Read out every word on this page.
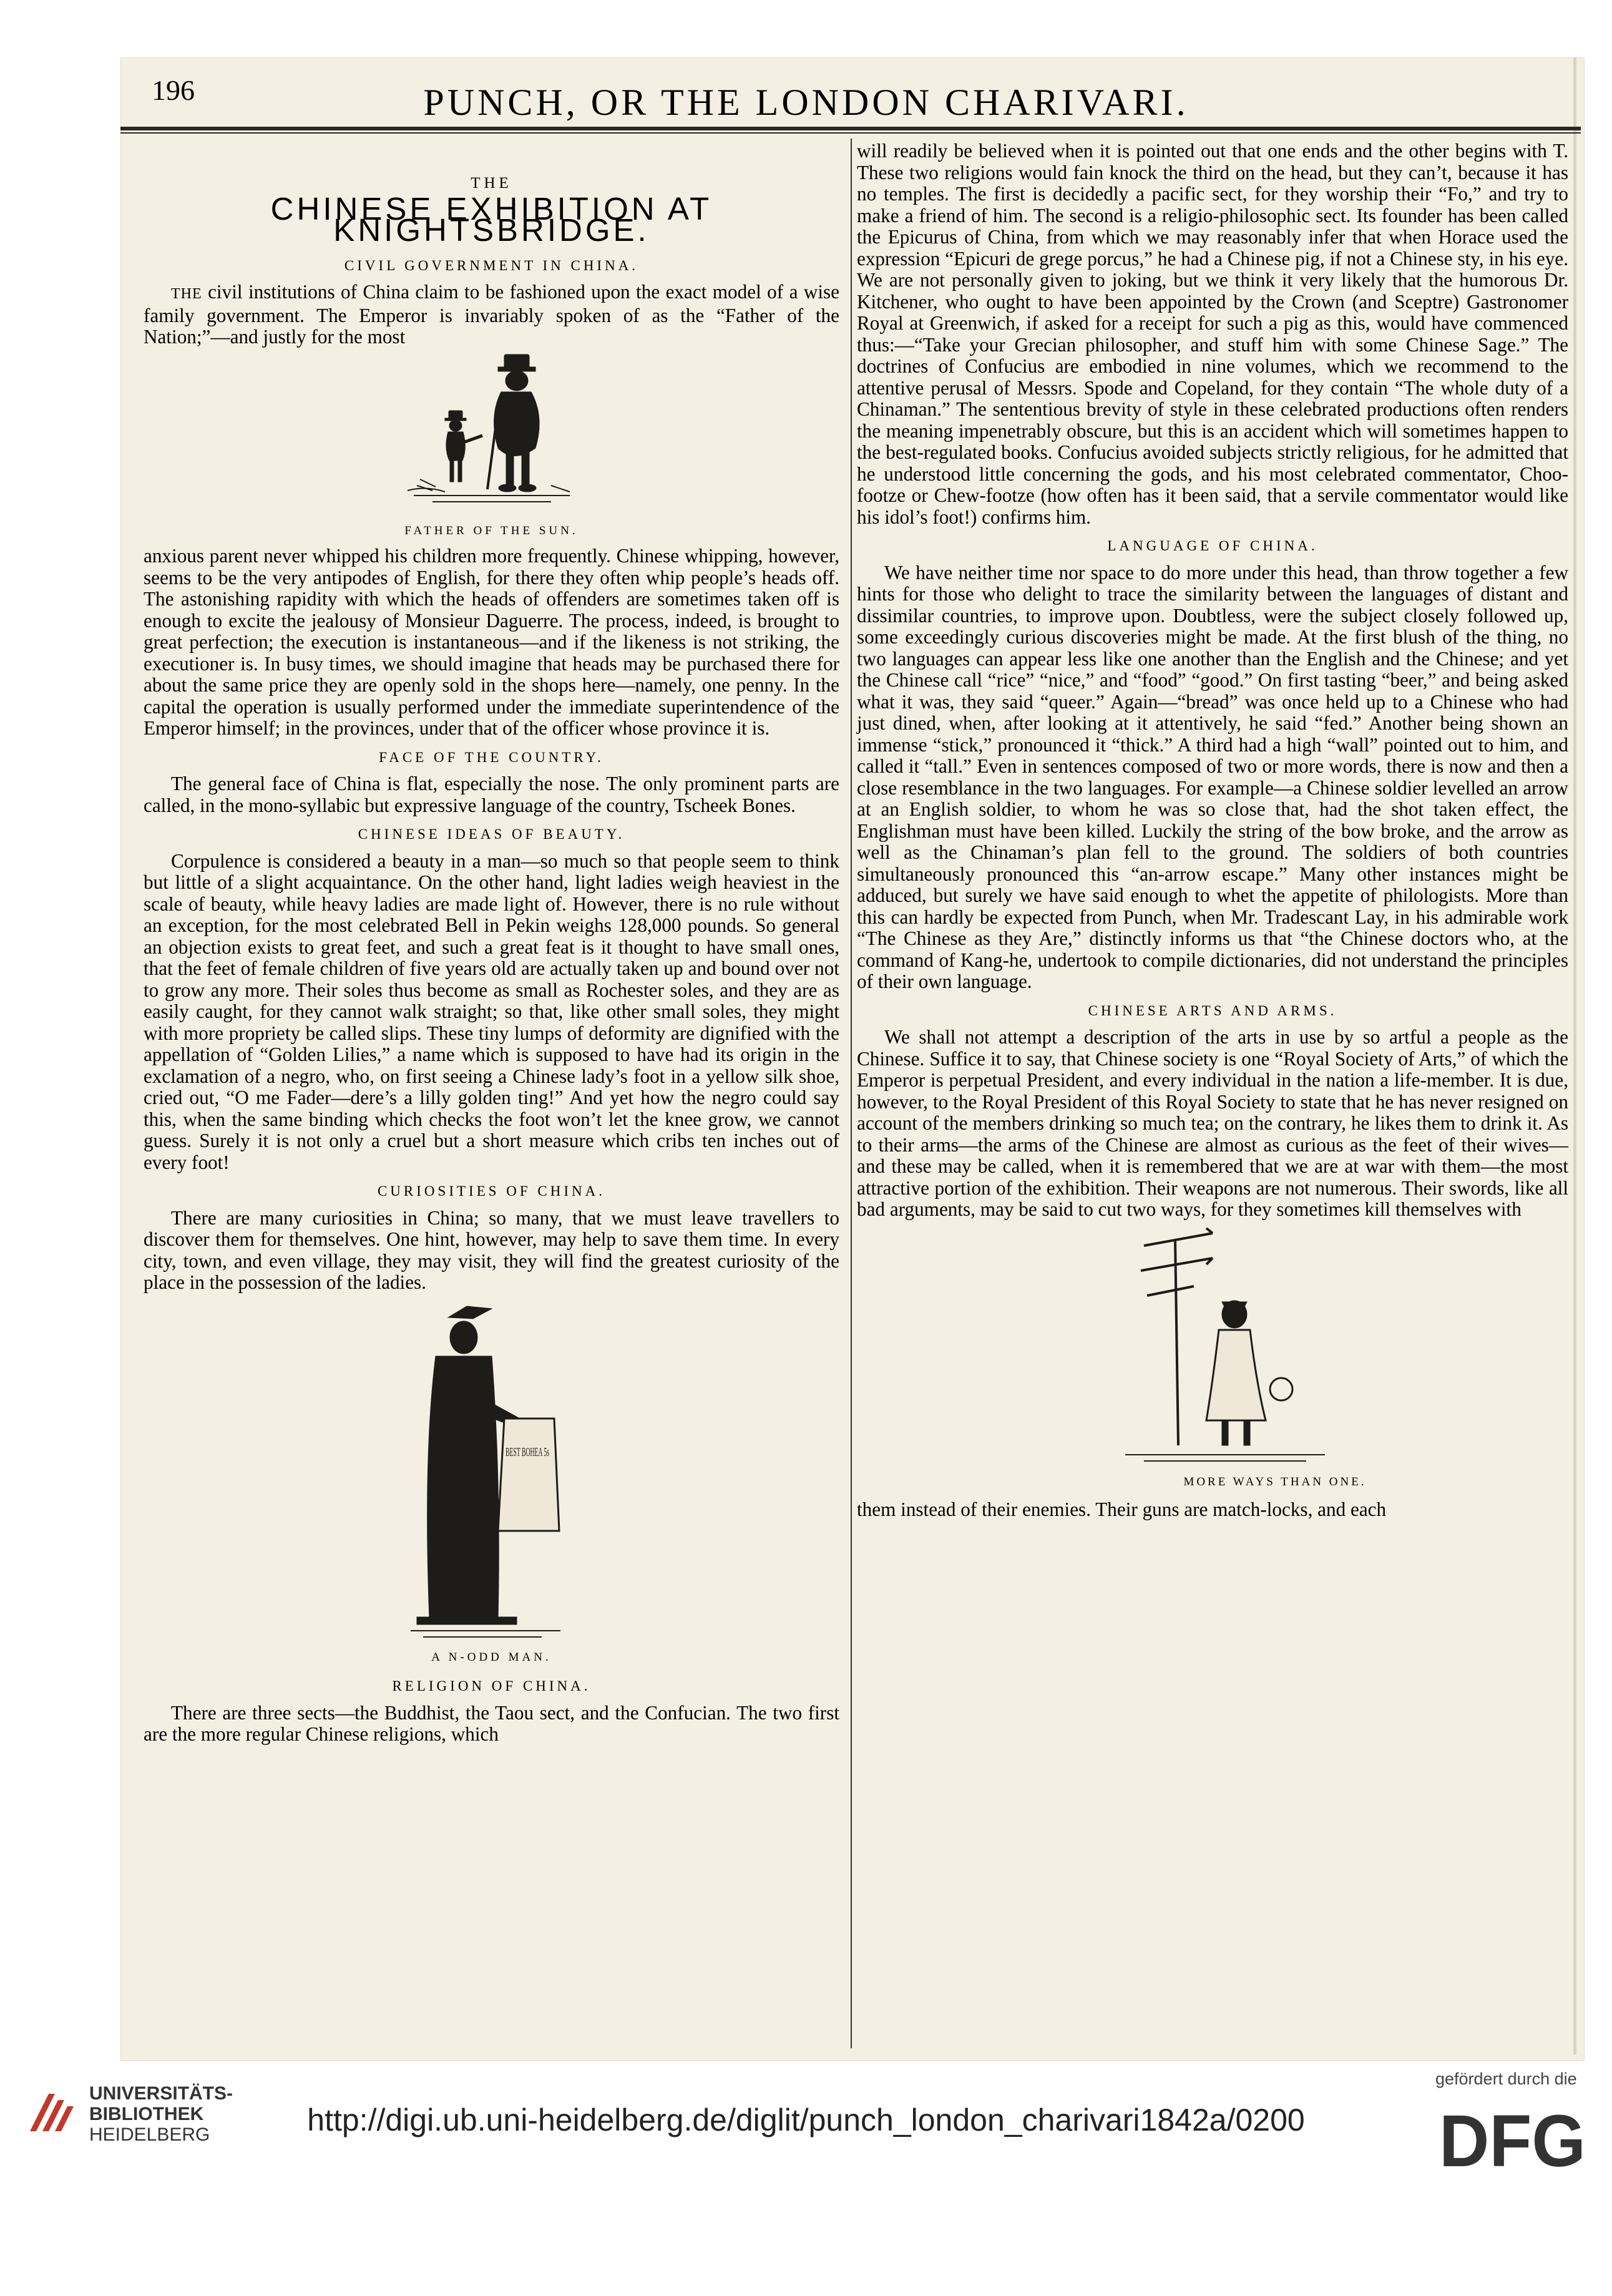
196	PUNCH, OR THE LONDON CHARIVARI.
THE
CHINESE EXHIBITION AT KNIGHTSBRIDGE.
CIVIL GOVERNMENT IN CHINA.

THE civil institutions of China claim to be fashioned upon the exact model of a wise family government. The Emperor is invariably spoken of as the “Father of the Nation;”—and justly for the most

FATHER OF THE SUN.

anxious parent never whipped his children more frequently. Chinese whipping, however, seems to be the very antipodes of English, for there they often whip people’s heads off. The astonishing rapidity with which the heads of offenders are sometimes taken off is enough to excite the jealousy of Monsieur Daguerre. The process, indeed, is brought to great perfection; the execution is instantaneous—and if the likeness is not striking, the executioner is. In busy times, we should imagine that heads may be purchased there for about the same price they are openly sold in the shops here—namely, one penny. In the capital the operation is usually performed under the immediate superintendence of the Emperor himself; in the provinces, under that of the officer whose province it is.

FACE OF THE COUNTRY.

The general face of China is flat, especially the nose. The only prominent parts are called, in the mono-syllabic but expressive language of the country, Tscheek Bones.

CHINESE IDEAS OF BEAUTY.

Corpulence is considered a beauty in a man—so much so that people seem to think but little of a slight acquaintance. On the other hand, light ladies weigh heaviest in the scale of beauty, while heavy ladies are made light of. However, there is no rule without an exception, for the most celebrated Bell in Pekin weighs 128,000 pounds. So general an objection exists to great feet, and such a great feat is it thought to have small ones, that the feet of female children of five years old are actually taken up and bound over not to grow any more. Their soles thus become as small as Rochester soles, and they are as easily caught, for they cannot walk straight; so that, like other small soles, they might with more propriety be called slips. These tiny lumps of deformity are dignified with the appellation of “Golden Lilies,” a name which is supposed to have had its origin in the exclamation of a negro, who, on first seeing a Chinese lady’s foot in a yellow silk shoe, cried out, “O me Fader—dere’s a lilly golden ting!” And yet how the negro could say this, when the same binding which checks the foot won’t let the knee grow, we cannot guess. Surely it is not only a cruel but a short measure which cribs ten inches out of every foot!

CURIOSITIES OF CHINA.

There are many curiosities in China; so many, that we must leave travellers to discover them for themselves. One hint, however, may help to save them time. In every city, town, and even village, they may visit, they will find the greatest curiosity of the place in the possession of the ladies.

BEST BOHEA 5s
A N-ODD MAN.
RELIGION OF CHINA.

There are three sects—the Buddhist, the Taou sect, and the Confucian. The two first are the more regular Chinese religions, which

will readily be believed when it is pointed out that one ends and the other begins with T. These two religions would fain knock the third on the head, but they can’t, because it has no temples. The first is decidedly a pacific sect, for they worship their “Fo,” and try to make a friend of him. The second is a religio-philosophic sect. Its founder has been called the Epicurus of China, from which we may reasonably infer that when Horace used the expression “Epicuri de grege porcus,” he had a Chinese pig, if not a Chinese sty, in his eye. We are not personally given to joking, but we think it very likely that the humorous Dr. Kitchener, who ought to have been appointed by the Crown (and Sceptre) Gastronomer Royal at Greenwich, if asked for a receipt for such a pig as this, would have commenced thus:—“Take your Grecian philosopher, and stuff him with some Chinese Sage.” The doctrines of Confucius are embodied in nine volumes, which we recommend to the attentive perusal of Messrs. Spode and Copeland, for they contain “The whole duty of a Chinaman.” The sententious brevity of style in these celebrated productions often renders the meaning impenetrably obscure, but this is an accident which will sometimes happen to the best-regulated books. Confucius avoided subjects strictly religious, for he admitted that he understood little concerning the gods, and his most celebrated commentator, Choo-footze or Chew-footze (how often has it been said, that a servile commentator would like his idol’s foot!) confirms him.

LANGUAGE OF CHINA.

We have neither time nor space to do more under this head, than throw together a few hints for those who delight to trace the similarity between the languages of distant and dissimilar countries, to improve upon. Doubtless, were the subject closely followed up, some exceedingly curious discoveries might be made. At the first blush of the thing, no two languages can appear less like one another than the English and the Chinese; and yet the Chinese call “rice” “nice,” and “food” “good.” On first tasting “beer,” and being asked what it was, they said “queer.” Again—“bread” was once held up to a Chinese who had just dined, when, after looking at it attentively, he said “fed.” Another being shown an immense “stick,” pronounced it “thick.” A third had a high “wall” pointed out to him, and called it “tall.” Even in sentences composed of two or more words, there is now and then a close resemblance in the two languages. For example—a Chinese soldier levelled an arrow at an English soldier, to whom he was so close that, had the shot taken effect, the Englishman must have been killed. Luckily the string of the bow broke, and the arrow as well as the Chinaman’s plan fell to the ground. The soldiers of both countries simultaneously pronounced this “an-arrow escape.” Many other instances might be adduced, but surely we have said enough to whet the appetite of philologists. More than this can hardly be expected from Punch, when Mr. Tradescant Lay, in his admirable work “The Chinese as they Are,” distinctly informs us that “the Chinese doctors who, at the command of Kang-he, undertook to compile dictionaries, did not understand the principles of their own language.

CHINESE ARTS AND ARMS.

We shall not attempt a description of the arts in use by so artful a people as the Chinese. Suffice it to say, that Chinese society is one “Royal Society of Arts,” of which the Emperor is perpetual President, and every individual in the nation a life-member. It is due, however, to the Royal President of this Royal Society to state that he has never resigned on account of the members drinking so much tea; on the contrary, he likes them to drink it. As to their arms—the arms of the Chinese are almost as curious as the feet of their wives—and these may be called, when it is remembered that we are at war with them—the most attractive portion of the exhibition. Their weapons are not numerous. Their swords, like all bad arguments, may be said to cut two ways, for they sometimes kill themselves with

MORE WAYS THAN ONE.

them instead of their enemies. Their guns are match-locks, and each

UNIVERSITÄTS-
BIBLIOTHEK
HEIDELBERG	http://digi.ub.uni-heidelberg.de/diglit/punch_london_charivari1842a/0200
gefördert durch die
DFG
